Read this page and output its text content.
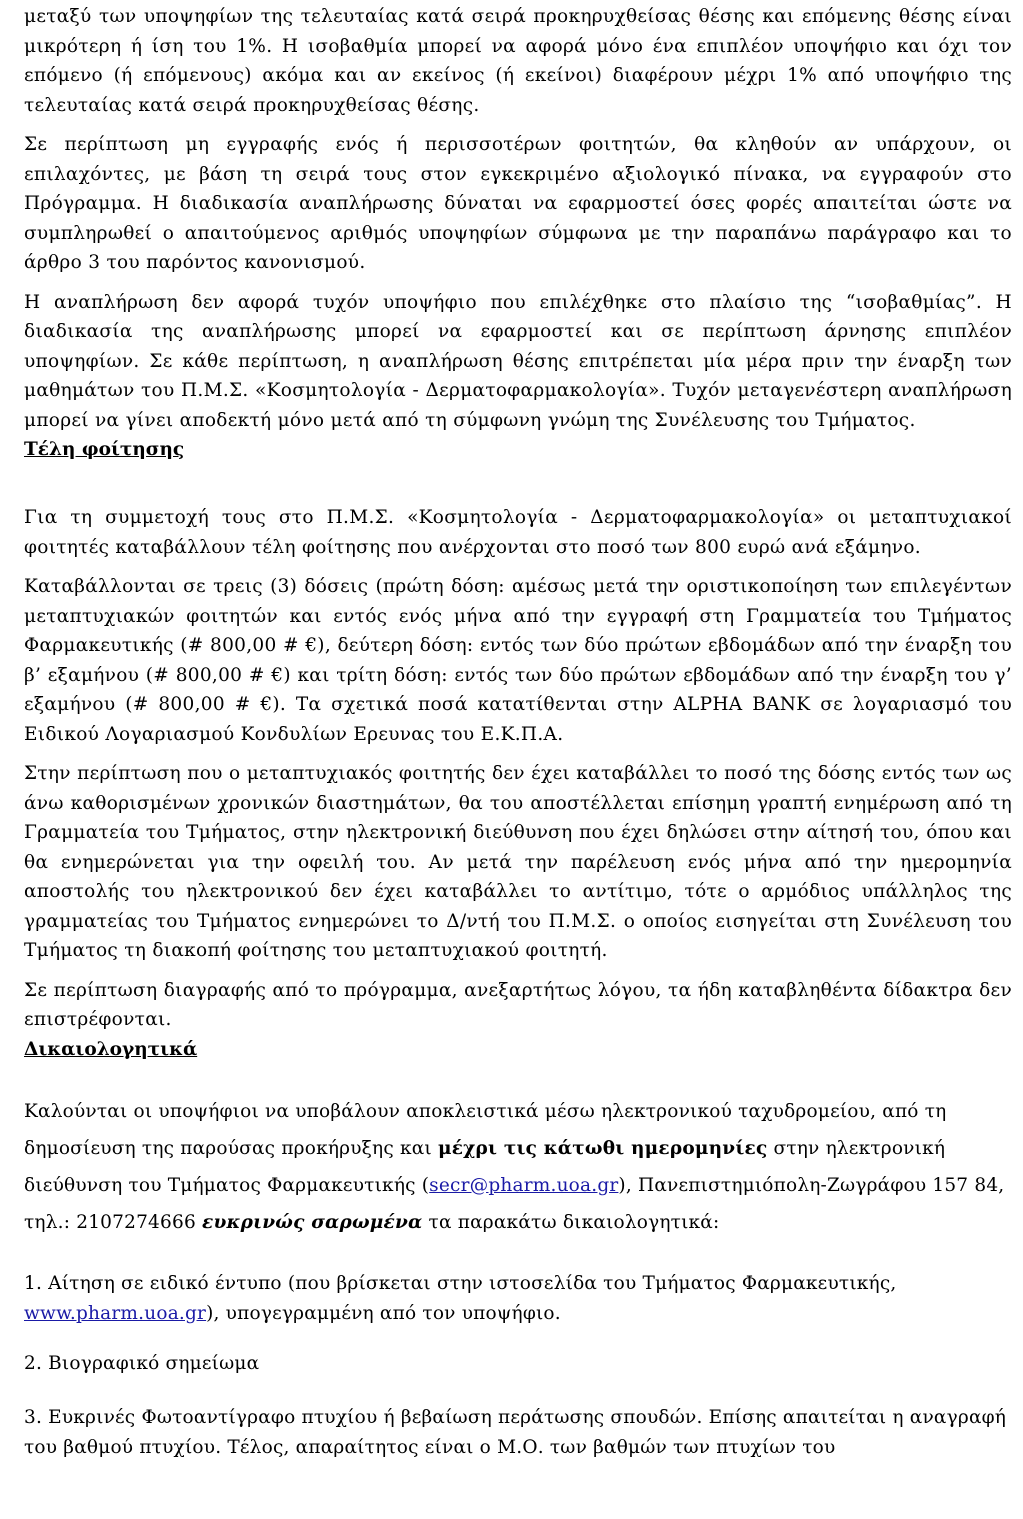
μεταξύ των υποψηφίων της τελευταίας κατά σειρά προκηρυχθείσας θέσης και επόμενης θέσης είναι μικρότερη ή ίση του 1%. Η ισοβαθμία μπορεί να αφορά μόνο ένα επιπλέον υποψήφιο και όχι τον επόμενο (ή επόμενους) ακόμα και αν εκείνος (ή εκείνοι) διαφέρουν μέχρι 1% από υποψήφιο της τελευταίας κατά σειρά προκηρυχθείσας θέσης.

Σε περίπτωση μη εγγραφής ενός ή περισσοτέρων φοιτητών, θα κληθούν αν υπάρχουν, οι επιλαχόντες, με βάση τη σειρά τους στον εγκεκριμένο αξιολογικό πίνακα, να εγγραφούν στο Πρόγραμμα. Η διαδικασία αναπλήρωσης δύναται να εφαρμοστεί όσες φορές απαιτείται ώστε να συμπληρωθεί ο απαιτούμενος αριθμός υποψηφίων σύμφωνα με την παραπάνω παράγραφο και το άρθρο 3 του παρόντος κανονισμού.

Η αναπλήρωση δεν αφορά τυχόν υποψήφιο που επιλέχθηκε στο πλαίσιο της “ισοβαθμίας”. Η διαδικασία της αναπλήρωσης μπορεί να εφαρμοστεί και σε περίπτωση άρνησης επιπλέον υποψηφίων. Σε κάθε περίπτωση, η αναπλήρωση θέσης επιτρέπεται μία μέρα πριν την έναρξη των μαθημάτων του Π.Μ.Σ. «Κοσμητολογία - Δερματοφαρμακολογία». Τυχόν μεταγενέστερη αναπλήρωση μπορεί να γίνει αποδεκτή μόνο μετά από τη σύμφωνη γνώμη της Συνέλευσης του Τμήματος.

Τέλη φοίτησης

Για τη συμμετοχή τους στο Π.Μ.Σ. «Κοσμητολογία - Δερματοφαρμακολογία» οι μεταπτυχιακοί φοιτητές καταβάλλουν τέλη φοίτησης που ανέρχονται στο ποσό των 800 ευρώ ανά εξάμηνο.

Καταβάλλονται σε τρεις (3) δόσεις (πρώτη δόση: αμέσως μετά την οριστικοποίηση των επιλεγέντων μεταπτυχιακών φοιτητών και εντός ενός μήνα από την εγγραφή στη Γραμματεία του Τμήματος Φαρμακευτικής (# 800,00 # €), δεύτερη δόση: εντός των δύο πρώτων εβδομάδων από την έναρξη του β’ εξαμήνου (# 800,00 # €) και τρίτη δόση: εντός των δύο πρώτων εβδομάδων από την έναρξη του γ’ εξαμήνου (# 800,00 # €). Τα σχετικά ποσά κατατίθενται στην ALPHA BANK σε λογαριασμό του Ειδικού Λογαριασμού Κονδυλίων Ερευνας του Ε.Κ.Π.Α.

Στην περίπτωση που ο μεταπτυχιακός φοιτητής δεν έχει καταβάλλει το ποσό της δόσης εντός των ως άνω καθορισμένων χρονικών διαστημάτων, θα του αποστέλλεται επίσημη γραπτή ενημέρωση από τη Γραμματεία του Τμήματος, στην ηλεκτρονική διεύθυνση που έχει δηλώσει στην αίτησή του, όπου και θα ενημερώνεται για την οφειλή του. Αν μετά την παρέλευση ενός μήνα από την ημερομηνία αποστολής του ηλεκτρονικού δεν έχει καταβάλλει το αντίτιμο, τότε ο αρμόδιος υπάλληλος της γραμματείας του Τμήματος ενημερώνει το Δ/ντή του Π.Μ.Σ. ο οποίος εισηγείται στη Συνέλευση του Τμήματος τη διακοπή φοίτησης του μεταπτυχιακού φοιτητή.

Σε περίπτωση διαγραφής από το πρόγραμμα, ανεξαρτήτως λόγου, τα ήδη καταβληθέντα δίδακτρα δεν επιστρέφονται.

Δικαιολογητικά

Καλούνται οι υποψήφιοι να υποβάλουν αποκλειστικά μέσω ηλεκτρονικού ταχυδρομείου, από τη δημοσίευση της παρούσας προκήρυξης και μέχρι τις κάτωθι ημερομηνίες στην ηλεκτρονική διεύθυνση του Τμήματος Φαρμακευτικής (secr@pharm.uoa.gr), Πανεπιστημιόπολη-Ζωγράφου 157 84, τηλ.: 2107274666 ευκρινώς σαρωμένα τα παρακάτω δικαιολογητικά:

1. Αίτηση σε ειδικό έντυπο (που βρίσκεται στην ιστοσελίδα του Τμήματος Φαρμακευτικής, www.pharm.uoa.gr), υπογεγραμμένη από τον υποψήφιο.

2. Βιογραφικό σημείωμα

3. Ευκρινές Φωτοαντίγραφο πτυχίου ή βεβαίωση περάτωσης σπουδών. Επίσης απαιτείται η αναγραφή του βαθμού πτυχίου. Τέλος, απαραίτητος είναι ο Μ.Ο. των βαθμών των πτυχίων του
